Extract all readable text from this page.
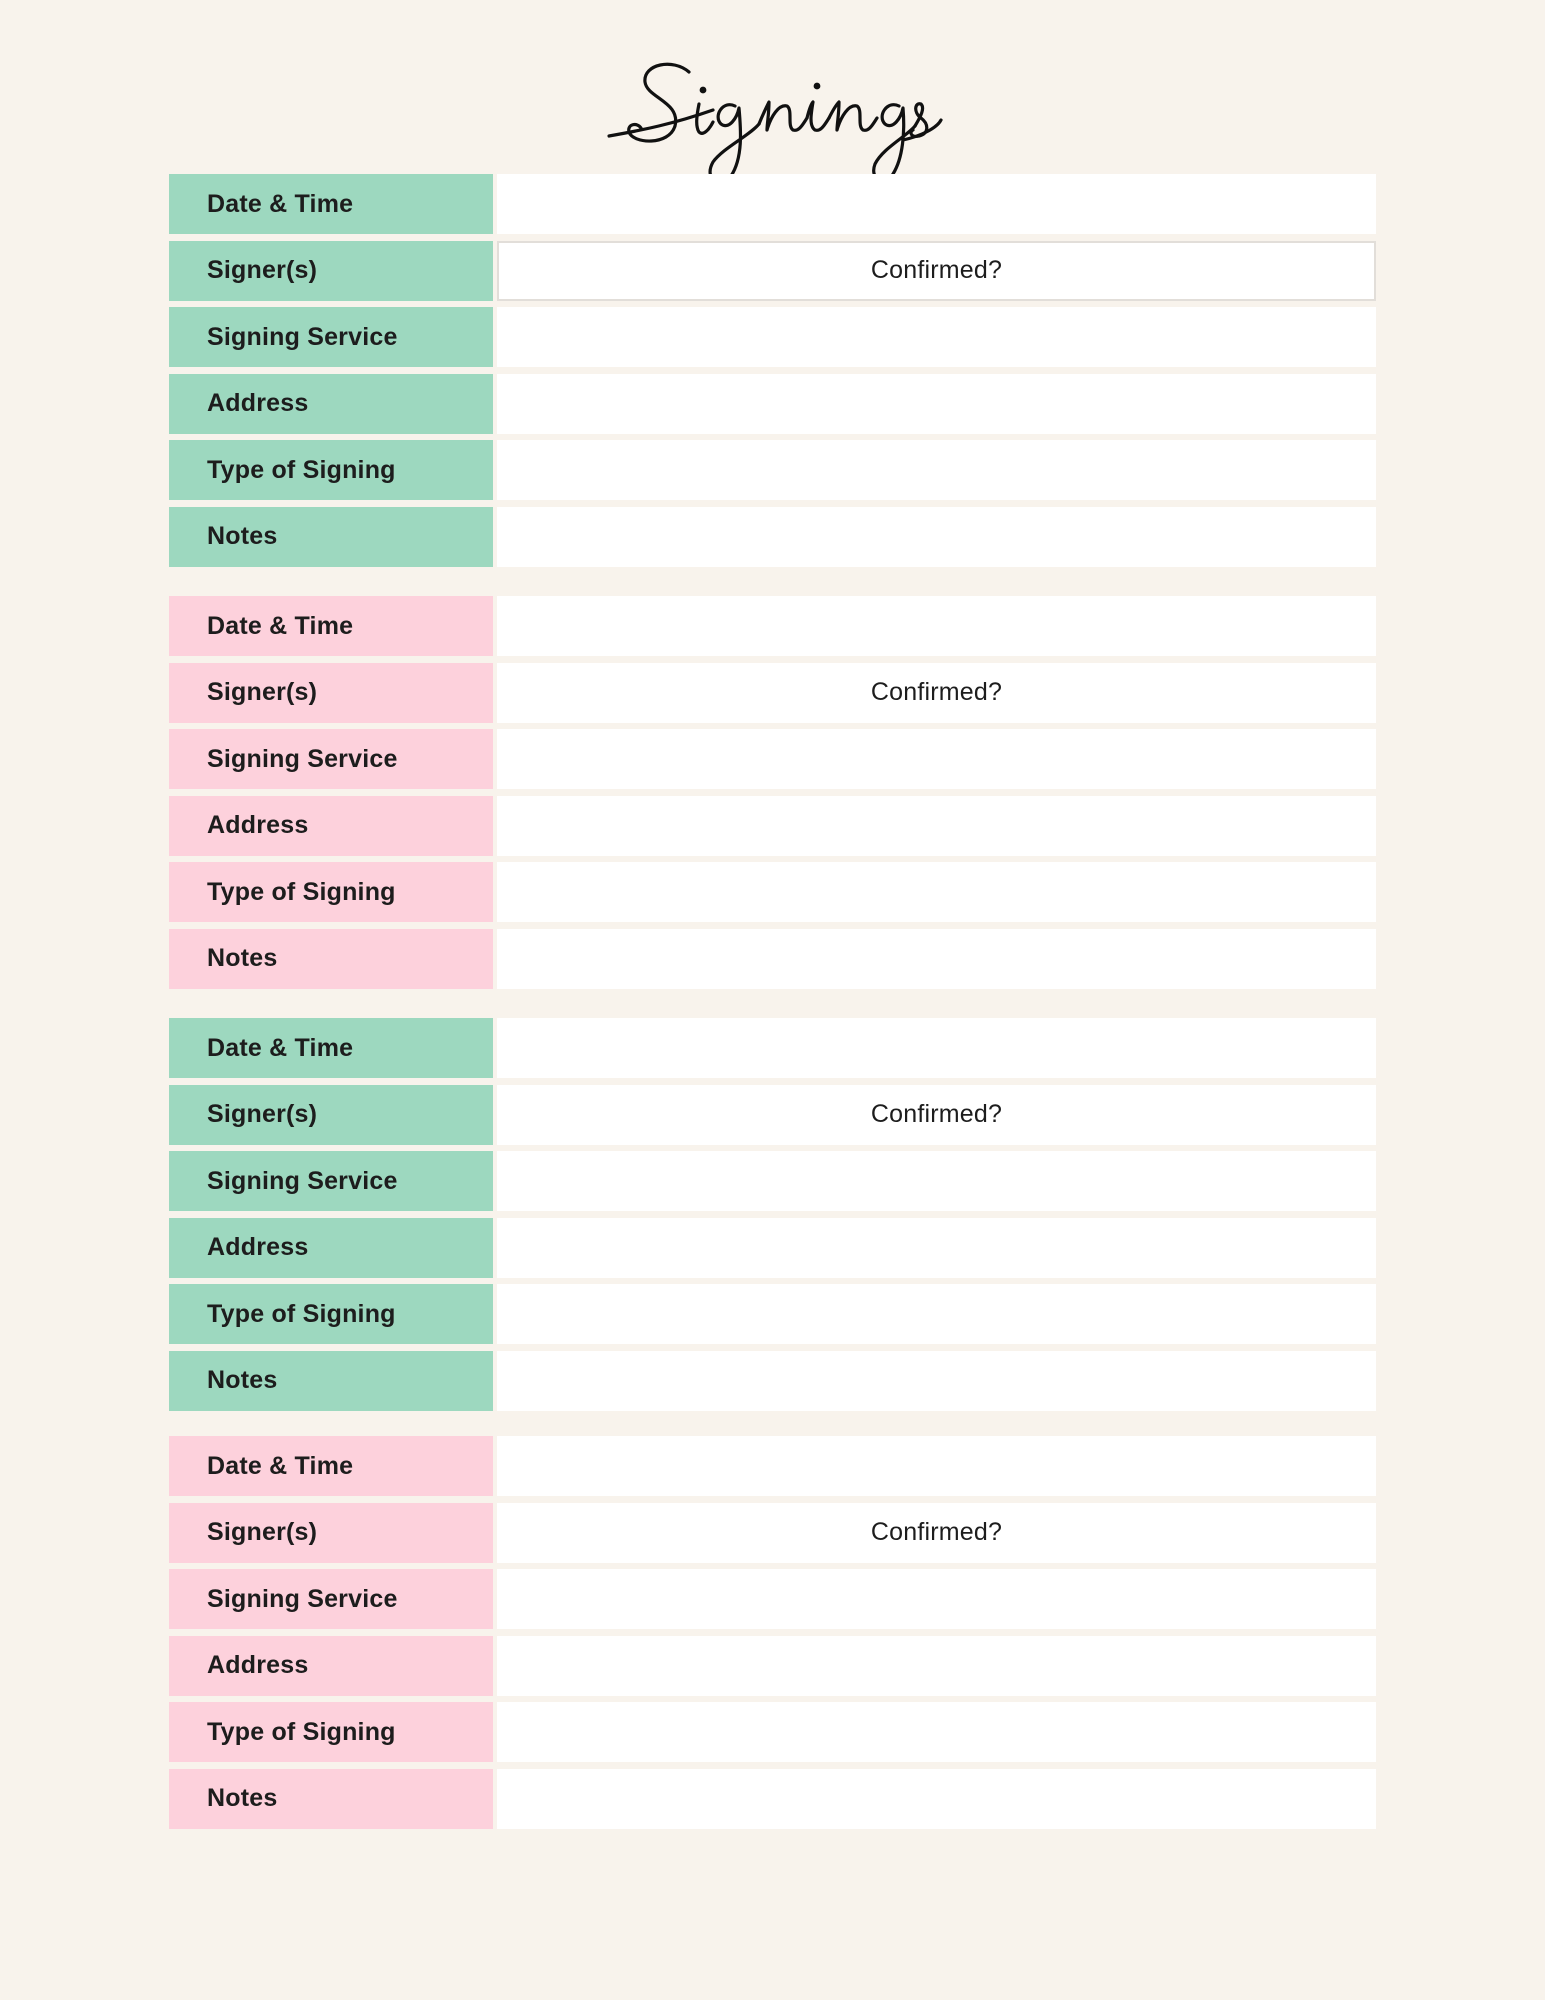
Date & Time
Signer(s)	Confirmed?
Signing Service
Address
Type of Signing
Notes
Date & Time
Signer(s)	Confirmed?
Signing Service
Address
Type of Signing
Notes
Date & Time
Signer(s)	Confirmed?
Signing Service
Address
Type of Signing
Notes
Date & Time
Signer(s)	Confirmed?
Signing Service
Address
Type of Signing
Notes
